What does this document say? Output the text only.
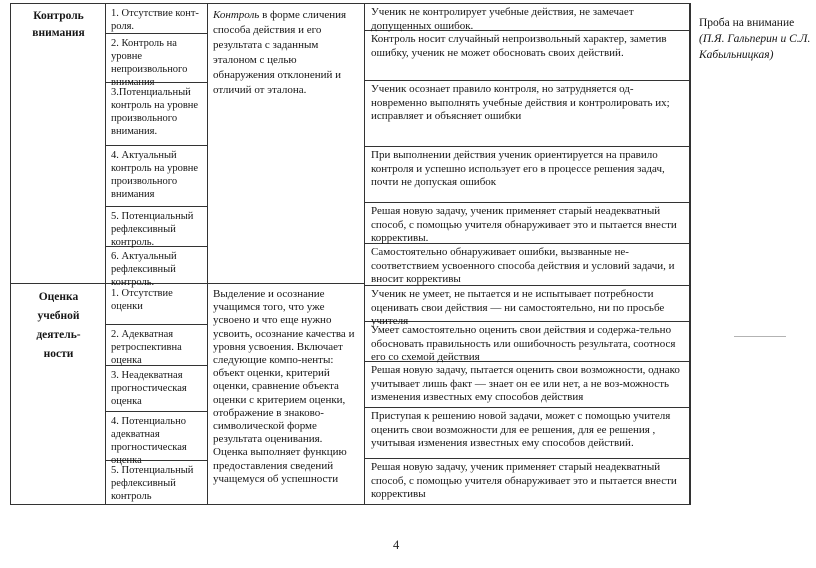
Контроль
внимания
Оценка
учебной
деятель-
ности
1. Отсутствие конт-роля.
2. Контроль на уровне непроизвольного внимания
3.Потенциальный контроль на уровне произвольного внимания.
4. Актуальный контроль на уровне произвольного внимания
5. Потенциальный рефлексивный контроль.
6. Актуальный рефлексивный контроль.
1. Отсутствие оценки
2. Адекватная ретроспективна оценка
3. Неадекватная прогностическая оценка
4. Потенциально адекватная прогностическая оценка
5. Потенциальный рефлексивный контроль
Контроль в форме сличения способа действия и его результата с заданным эталоном с целью обнаружения отклонений и отличий от эталона.
Выделение и осознание учащимся того, что уже усвоено и что еще нужно усвоить, осознание качества и уровня усвоения. Включает следующие компо-ненты: объект оценки, критерий оценки, сравнение объекта оценки с критерием оценки, отображение в знаково-символической форме результата оценивания. Оценка выполняет функцию предоставления сведений учащемуся об успешности
Ученик не контролирует учебные действия, не замечает допущенных ошибок.
Контроль носит случайный непроизвольный характер, заметив ошибку, ученик не может обосновать своих действий.
Ученик осознает правило контроля, но затрудняется од-новременно выполнять учебные действия и контролировать их; исправляет и объясняет ошибки
При выполнении действия ученик ориентируется на правило контроля и успешно использует его в процессе решения задач, почти не допуская ошибок
Решая новую задачу, ученик применяет старый неадекватный способ, с помощью учителя обнаруживает это и пытается внести коррективы.
Самостоятельно обнаруживает ошибки, вызванные не-соответствием усвоенного способа действия и условий задачи, и вносит коррективы
Ученик не умеет, не пытается и не испытывает потребности оценивать свои действия — ни самостоятельно, ни по просьбе учителя
Умеет самостоятельно оценить свои действия и содержа-тельно обосновать правильность или ошибочность результата, соотнося его со схемой действия
Решая новую задачу, пытается оценить свои возможности, однако учитывает лишь факт — знает он ее или нет, а не воз-можность изменения известных ему способов действия
Приступая к решению новой задачи, может с помощью учителя оценить свои возможности для ее решения, для ее решения , учитывая изменения известных ему способов действий.
Решая новую задачу, ученик применяет старый неадекватный способ, с помощью учителя обнаруживает это и пытается внести коррективы
Проба на внимание
(П.Я. Гальперин и С.Л. Кабыльницкая)
4
